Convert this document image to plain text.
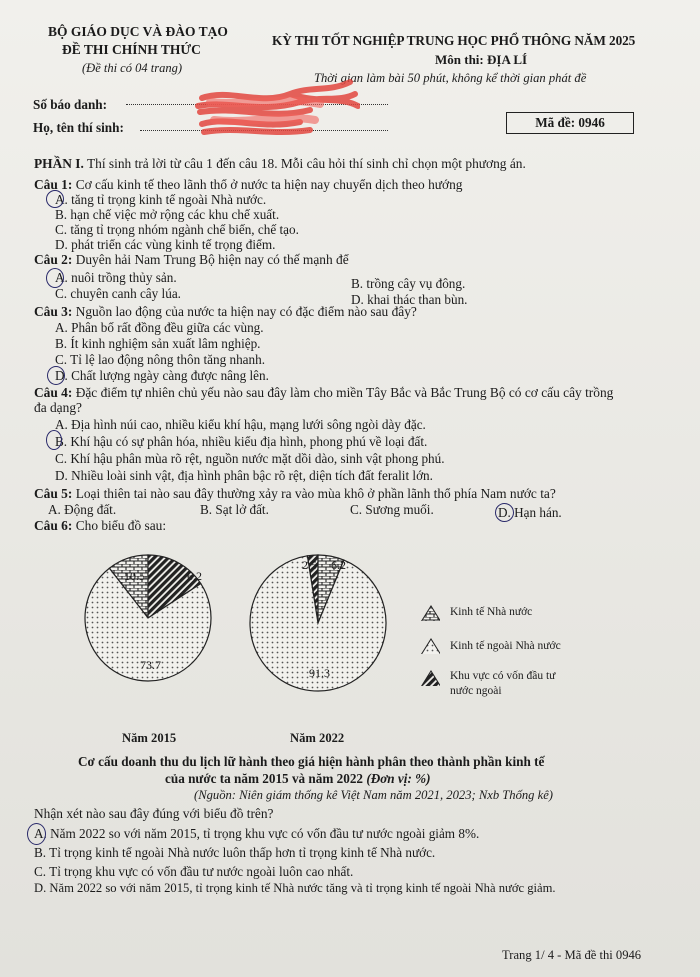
BỘ GIÁO DỤC VÀ ĐÀO TẠO
ĐỀ THI CHÍNH THỨC
(Đề thi có 04 trang)
KỲ THI TỐT NGHIỆP TRUNG HỌC PHỔ THÔNG NĂM 2025
Môn thi: ĐỊA LÍ
Thời gian làm bài 50 phút, không kể thời gian phát đề
Số báo danh:
Họ, tên thí sinh:	Mã đề: 0946
PHẦN I. Thí sinh trả lời từ câu 1 đến câu 18. Mỗi câu hỏi thí sinh chỉ chọn một phương án.
Câu 1: Cơ cấu kinh tế theo lãnh thổ ở nước ta hiện nay chuyển dịch theo hướng
A. tăng tỉ trọng kinh tế ngoài Nhà nước.
B. hạn chế việc mở rộng các khu chế xuất.
C. tăng tỉ trọng nhóm ngành chế biến, chế tạo.
D. phát triển các vùng kinh tế trọng điểm.
Câu 2: Duyên hải Nam Trung Bộ hiện nay có thế mạnh để
A. nuôi trồng thủy sản.	B. trồng cây vụ đông.
C. chuyên canh cây lúa.	D. khai thác than bùn.
Câu 3: Nguồn lao động của nước ta hiện nay có đặc điểm nào sau đây?
A. Phân bố rất đồng đều giữa các vùng.
B. Ít kinh nghiệm sản xuất lâm nghiệp.
C. Tỉ lệ lao động nông thôn tăng nhanh.
D. Chất lượng ngày càng được nâng lên.
Câu 4: Đặc điểm tự nhiên chủ yếu nào sau đây làm cho miền Tây Bắc và Bắc Trung Bộ có cơ cấu cây trồng
đa dạng?
A. Địa hình núi cao, nhiều kiểu khí hậu, mạng lưới sông ngòi dày đặc.
B. Khí hậu có sự phân hóa, nhiều kiểu địa hình, phong phú về loại đất.
C. Khí hậu phân mùa rõ rệt, nguồn nước mặt dồi dào, sinh vật phong phú.
D. Nhiều loài sinh vật, địa hình phân bậc rõ rệt, diện tích đất feralit lớn.
Câu 5: Loại thiên tai nào sau đây thường xảy ra vào mùa khô ở phần lãnh thổ phía Nam nước ta?
A. Động đất.	B. Sạt lở đất.	C. Sương muối.	D. Hạn hán.
Câu 6: Cho biểu đồ sau:
10.5	6.2
73.7
2.5 6.2
91.3
Năm 2015	Năm 2022
Kinh tế Nhà nước
Kinh tế ngoài Nhà nước
Khu vực có vốn đầu tư
nước ngoài
Cơ cấu doanh thu du lịch lữ hành theo giá hiện hành phân theo thành phần kinh tế
của nước ta năm 2015 và năm 2022 (Đơn vị: %)
(Nguồn: Niên giám thống kê Việt Nam năm 2021, 2023; Nxb Thống kê)
Nhận xét nào sau đây đúng với biểu đồ trên?
A. Năm 2022 so với năm 2015, tỉ trọng khu vực có vốn đầu tư nước ngoài giảm 8%.
B. Tỉ trọng kinh tế ngoài Nhà nước luôn thấp hơn tỉ trọng kinh tế Nhà nước.
C. Tỉ trọng khu vực có vốn đầu tư nước ngoài luôn cao nhất.
D. Năm 2022 so với năm 2015, tỉ trọng kinh tế Nhà nước tăng và tỉ trọng kinh tế ngoài Nhà nước giảm.
Trang 1/ 4 - Mã đề thi 0946
